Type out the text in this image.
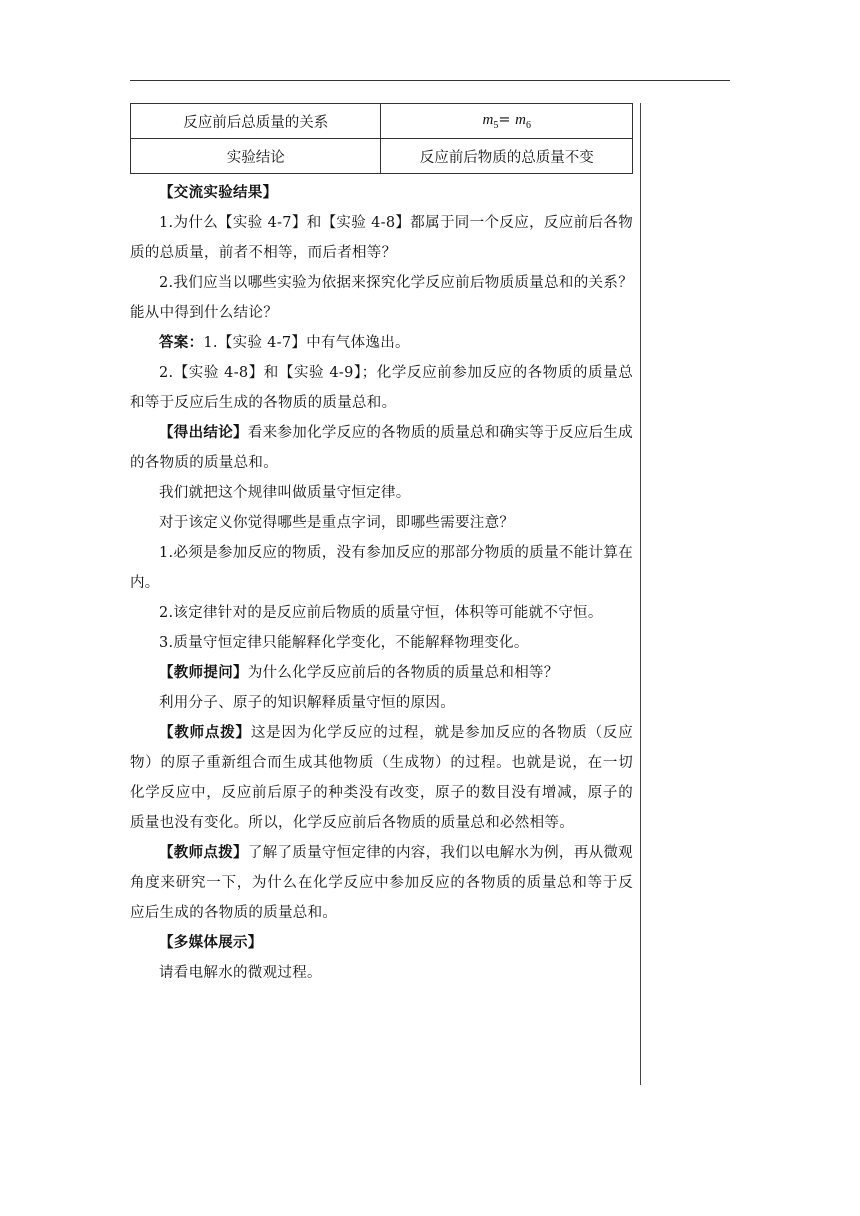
反应前后总质量的关系	$m_5= m_6$
实验结论	反应前后物质的总质量不变

【交流实验结果】

1.为什么【实验 4-7】和【实验 4-8】都属于同一个反应，反应前后各物质的总质量，前者不相等，而后者相等？

2.我们应当以哪些实验为依据来探究化学反应前后物质质量总和的关系？能从中得到什么结论？

答案：1.【实验 4-7】中有气体逸出。

2.【实验 4-8】和【实验 4-9】；化学反应前参加反应的各物质的质量总和等于反应后生成的各物质的质量总和。

【得出结论】看来参加化学反应的各物质的质量总和确实等于反应后生成的各物质的质量总和。

我们就把这个规律叫做质量守恒定律。

对于该定义你觉得哪些是重点字词，即哪些需要注意？

1.必须是参加反应的物质，没有参加反应的那部分物质的质量不能计算在内。

2.该定律针对的是反应前后物质的质量守恒，体积等可能就不守恒。

3.质量守恒定律只能解释化学变化，不能解释物理变化。

【教师提问】为什么化学反应前后的各物质的质量总和相等？

利用分子、原子的知识解释质量守恒的原因。

【教师点拨】这是因为化学反应的过程，就是参加反应的各物质（反应物）的原子重新组合而生成其他物质（生成物）的过程。也就是说，在一切化学反应中，反应前后原子的种类没有改变，原子的数目没有增减，原子的质量也没有变化。所以，化学反应前后各物质的质量总和必然相等。

【教师点拨】了解了质量守恒定律的内容，我们以电解水为例，再从微观角度来研究一下，为什么在化学反应中参加反应的各物质的质量总和等于反应后生成的各物质的质量总和。

【多媒体展示】

请看电解水的微观过程。
